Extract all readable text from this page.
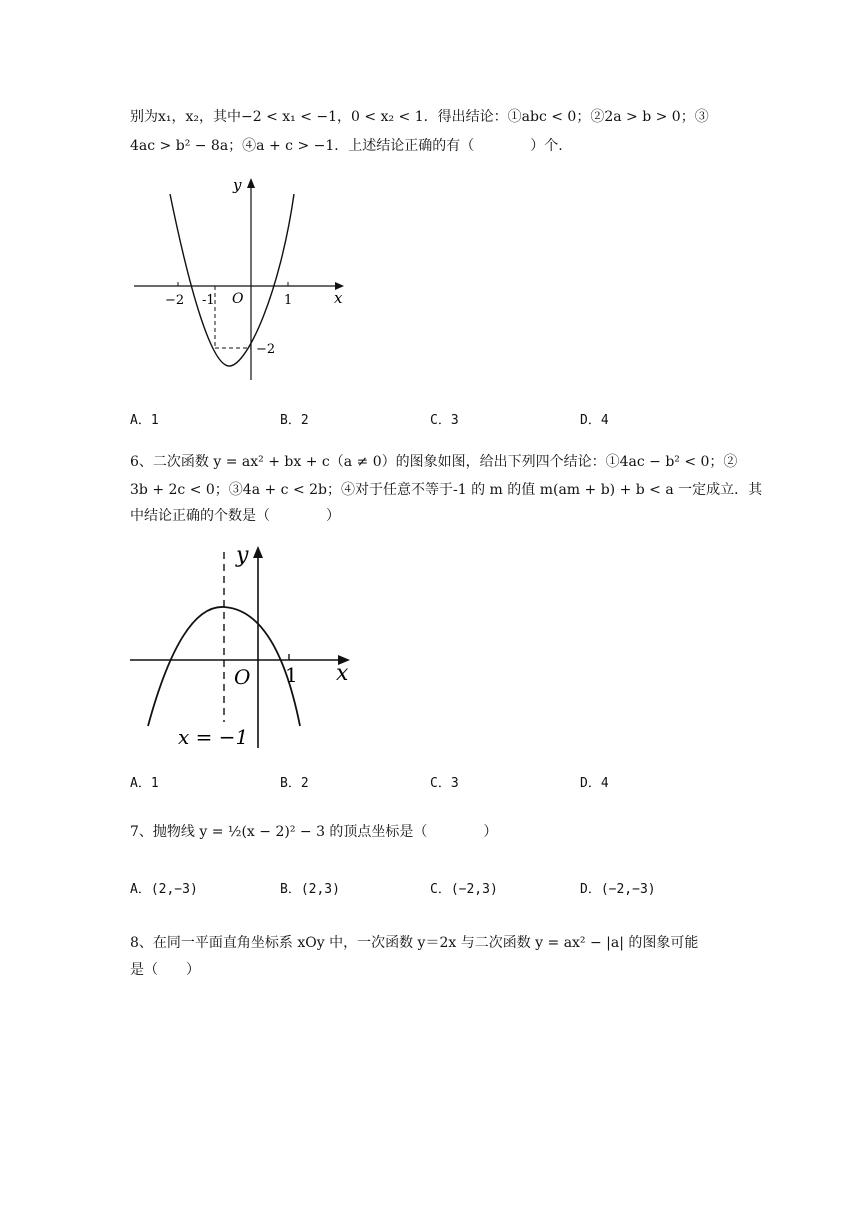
别为x₁，x₂，其中−2 < x₁ < −1，0 < x₂ < 1．得出结论：①abc < 0；②2a > b > 0；③
4ac > b² − 8a；④a + c > −1．上述结论正确的有（　　　　）个.
y
x
O
−2 -1	1
−2
A．1	B．2	C．3	D．4
6、二次函数 y = ax² + bx + c（a ≠ 0）的图象如图，给出下列四个结论：①4ac − b² < 0；②
3b + 2c < 0；③4a + c < 2b；④对于任意不等于-1 的 m 的值 m(am + b) + b < a 一定成立．其
中结论正确的个数是（　　　　）
y
x
O 1
x = −1
A．1	B．2	C．3	D．4
7、抛物线 y = ½(x − 2)² − 3 的顶点坐标是（　　　　）
A．(2,−3)	B．(2,3)	C．(−2,3)	D．(−2,−3)
8、在同一平面直角坐标系 xOy 中，一次函数 y＝2x 与二次函数 y = ax² − |a| 的图象可能
是（　　）
